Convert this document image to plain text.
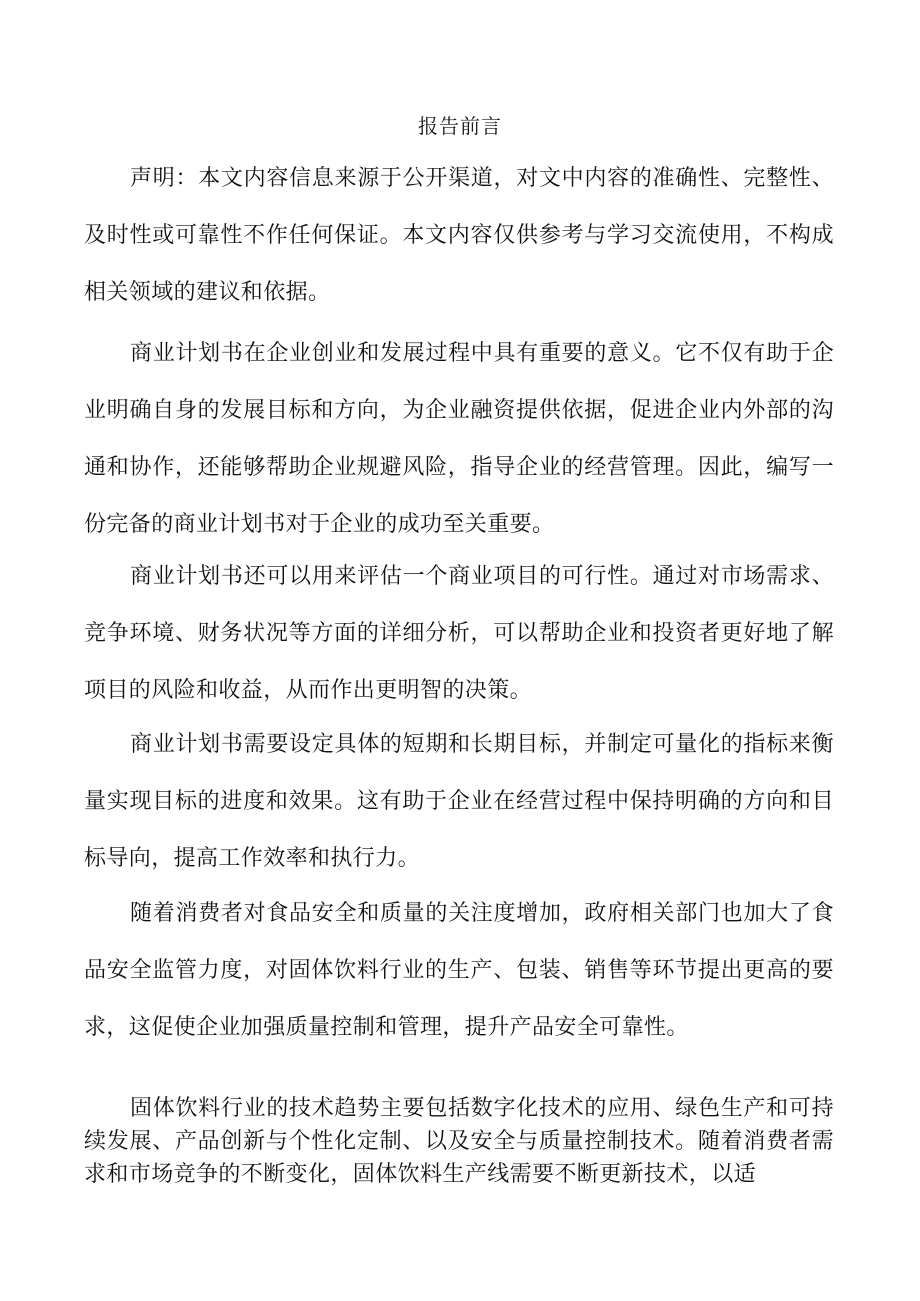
报告前言

声明：本文内容信息来源于公开渠道，对文中内容的准确性、完整性、及时性或可靠性不作任何保证。本文内容仅供参考与学习交流使用，不构成相关领域的建议和依据。

商业计划书在企业创业和发展过程中具有重要的意义。它不仅有助于企业明确自身的发展目标和方向，为企业融资提供依据，促进企业内外部的沟通和协作，还能够帮助企业规避风险，指导企业的经营管理。因此，编写一份完备的商业计划书对于企业的成功至关重要。

商业计划书还可以用来评估一个商业项目的可行性。通过对市场需求、竞争环境、财务状况等方面的详细分析，可以帮助企业和投资者更好地了解项目的风险和收益，从而作出更明智的决策。

商业计划书需要设定具体的短期和长期目标，并制定可量化的指标来衡量实现目标的进度和效果。这有助于企业在经营过程中保持明确的方向和目标导向，提高工作效率和执行力。

随着消费者对食品安全和质量的关注度增加，政府相关部门也加大了食品安全监管力度，对固体饮料行业的生产、包装、销售等环节提出更高的要求，这促使企业加强质量控制和管理，提升产品安全可靠性。

固体饮料行业的技术趋势主要包括数字化技术的应用、绿色生产和可持续发展、产品创新与个性化定制、以及安全与质量控制技术。随着消费者需求和市场竞争的不断变化，固体饮料生产线需要不断更新技术，以适
